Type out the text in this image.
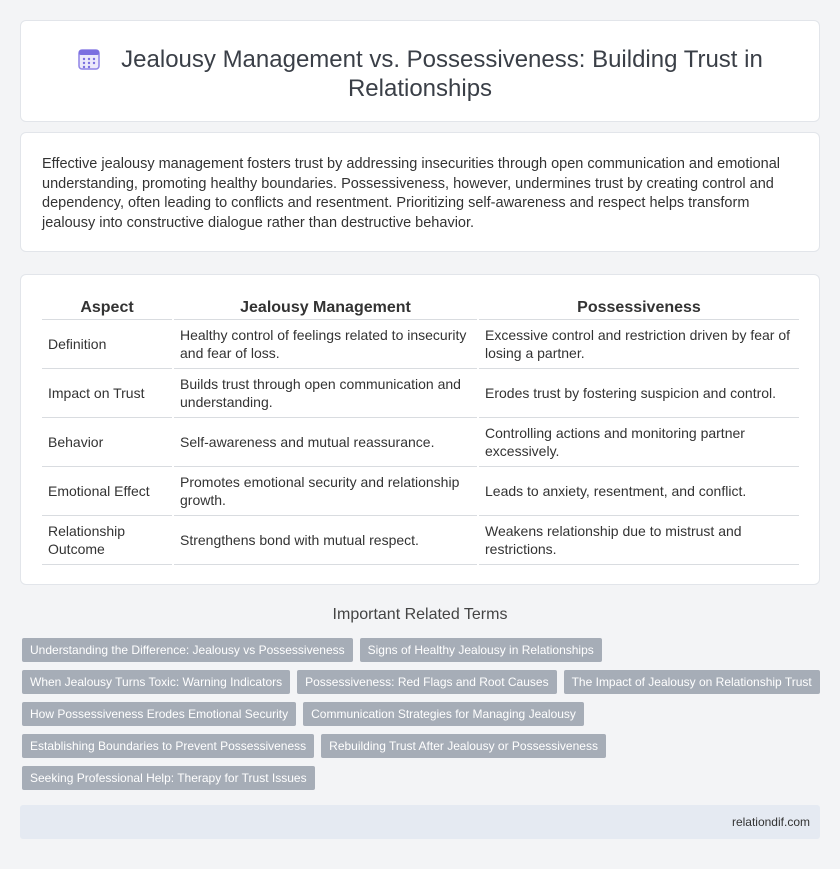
Jealousy Management vs. Possessiveness: Building Trust in Relationships

Effective jealousy management fosters trust by addressing insecurities through open communication and emotional understanding, promoting healthy boundaries. Possessiveness, however, undermines trust by creating control and dependency, often leading to conflicts and resentment. Prioritizing self-awareness and respect helps transform jealousy into constructive dialogue rather than destructive behavior.

Aspect	Jealousy Management	Possessiveness
Definition	Healthy control of feelings related to insecurity and fear of loss.	Excessive control and restriction driven by fear of losing a partner.
Impact on Trust	Builds trust through open communication and understanding.	Erodes trust by fostering suspicion and control.
Behavior	Self-awareness and mutual reassurance.	Controlling actions and monitoring partner excessively.
Emotional Effect	Promotes emotional security and relationship growth.	Leads to anxiety, resentment, and conflict.
Relationship Outcome	Strengthens bond with mutual respect.	Weakens relationship due to mistrust and restrictions.
Important Related Terms
Understanding the Difference: Jealousy vs Possessiveness Signs of Healthy Jealousy in Relationships
When Jealousy Turns Toxic: Warning Indicators Possessiveness: Red Flags and Root Causes The Impact of Jealousy on Relationship Trust
How Possessiveness Erodes Emotional Security Communication Strategies for Managing Jealousy
Establishing Boundaries to Prevent Possessiveness Rebuilding Trust After Jealousy or Possessiveness
Seeking Professional Help: Therapy for Trust Issues
relationdif.com
